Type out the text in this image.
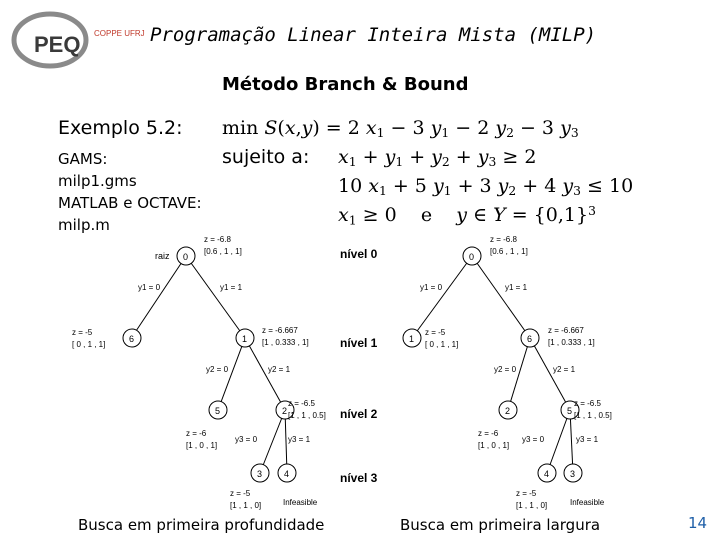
PEQ COPPE UFRJ Programação Linear Inteira Mista (MILP)
Método Branch & Bound
Exemplo 5.2: min S(x,y) = 2 $x_1 - 3$ $y_1 - 2$ $y_2 - 3$ $y_3$
sujeito a: $x_1 + y_1 + y_2 + y_3 \ge 2$
10 $x_1 + 5$ $y_1 + 3$ $y_2 + 4$ $y_3 \le 10$
$x_1 \ge 0$    e    y ∈ $Y = \{0,1\}^3$
GAMS:
milp1.gms
MATLAB e OCTAVE:
milp.m
0
6	1
5	2
3 4
raiz
z = -6.8
[0.6 , 1 , 1]
z = -5
[ 0 , 1 , 1]
z = -6.667
[1 , 0.333 , 1]
z = -6
[1 , 0 , 1]
z = -6.5
[1 , 1 , 0.5]
z = -5
[1 , 1 , 0]	Infeasible
y1 = 0	y1 = 1
y2 = 0	y2 = 1
y3 = 0	y3 = 1
nível 0
nível 1
nível 2
nível 3
0
1	6
2	5
4 3
z = -6.8
[0.6 , 1 , 1]
z = -5
[ 0 , 1 , 1]
z = -6.667
[1 , 0.333 , 1]
z = -6
[1 , 0 , 1]
z = -6.5
[1 , 1 , 0.5]
z = -5
[1 , 1 , 0]	Infeasible
y1 = 0	y1 = 1
y2 = 0	y2 = 1
y3 = 0	y3 = 1
Busca em primeira profundidade	Busca em primeira largura	14
